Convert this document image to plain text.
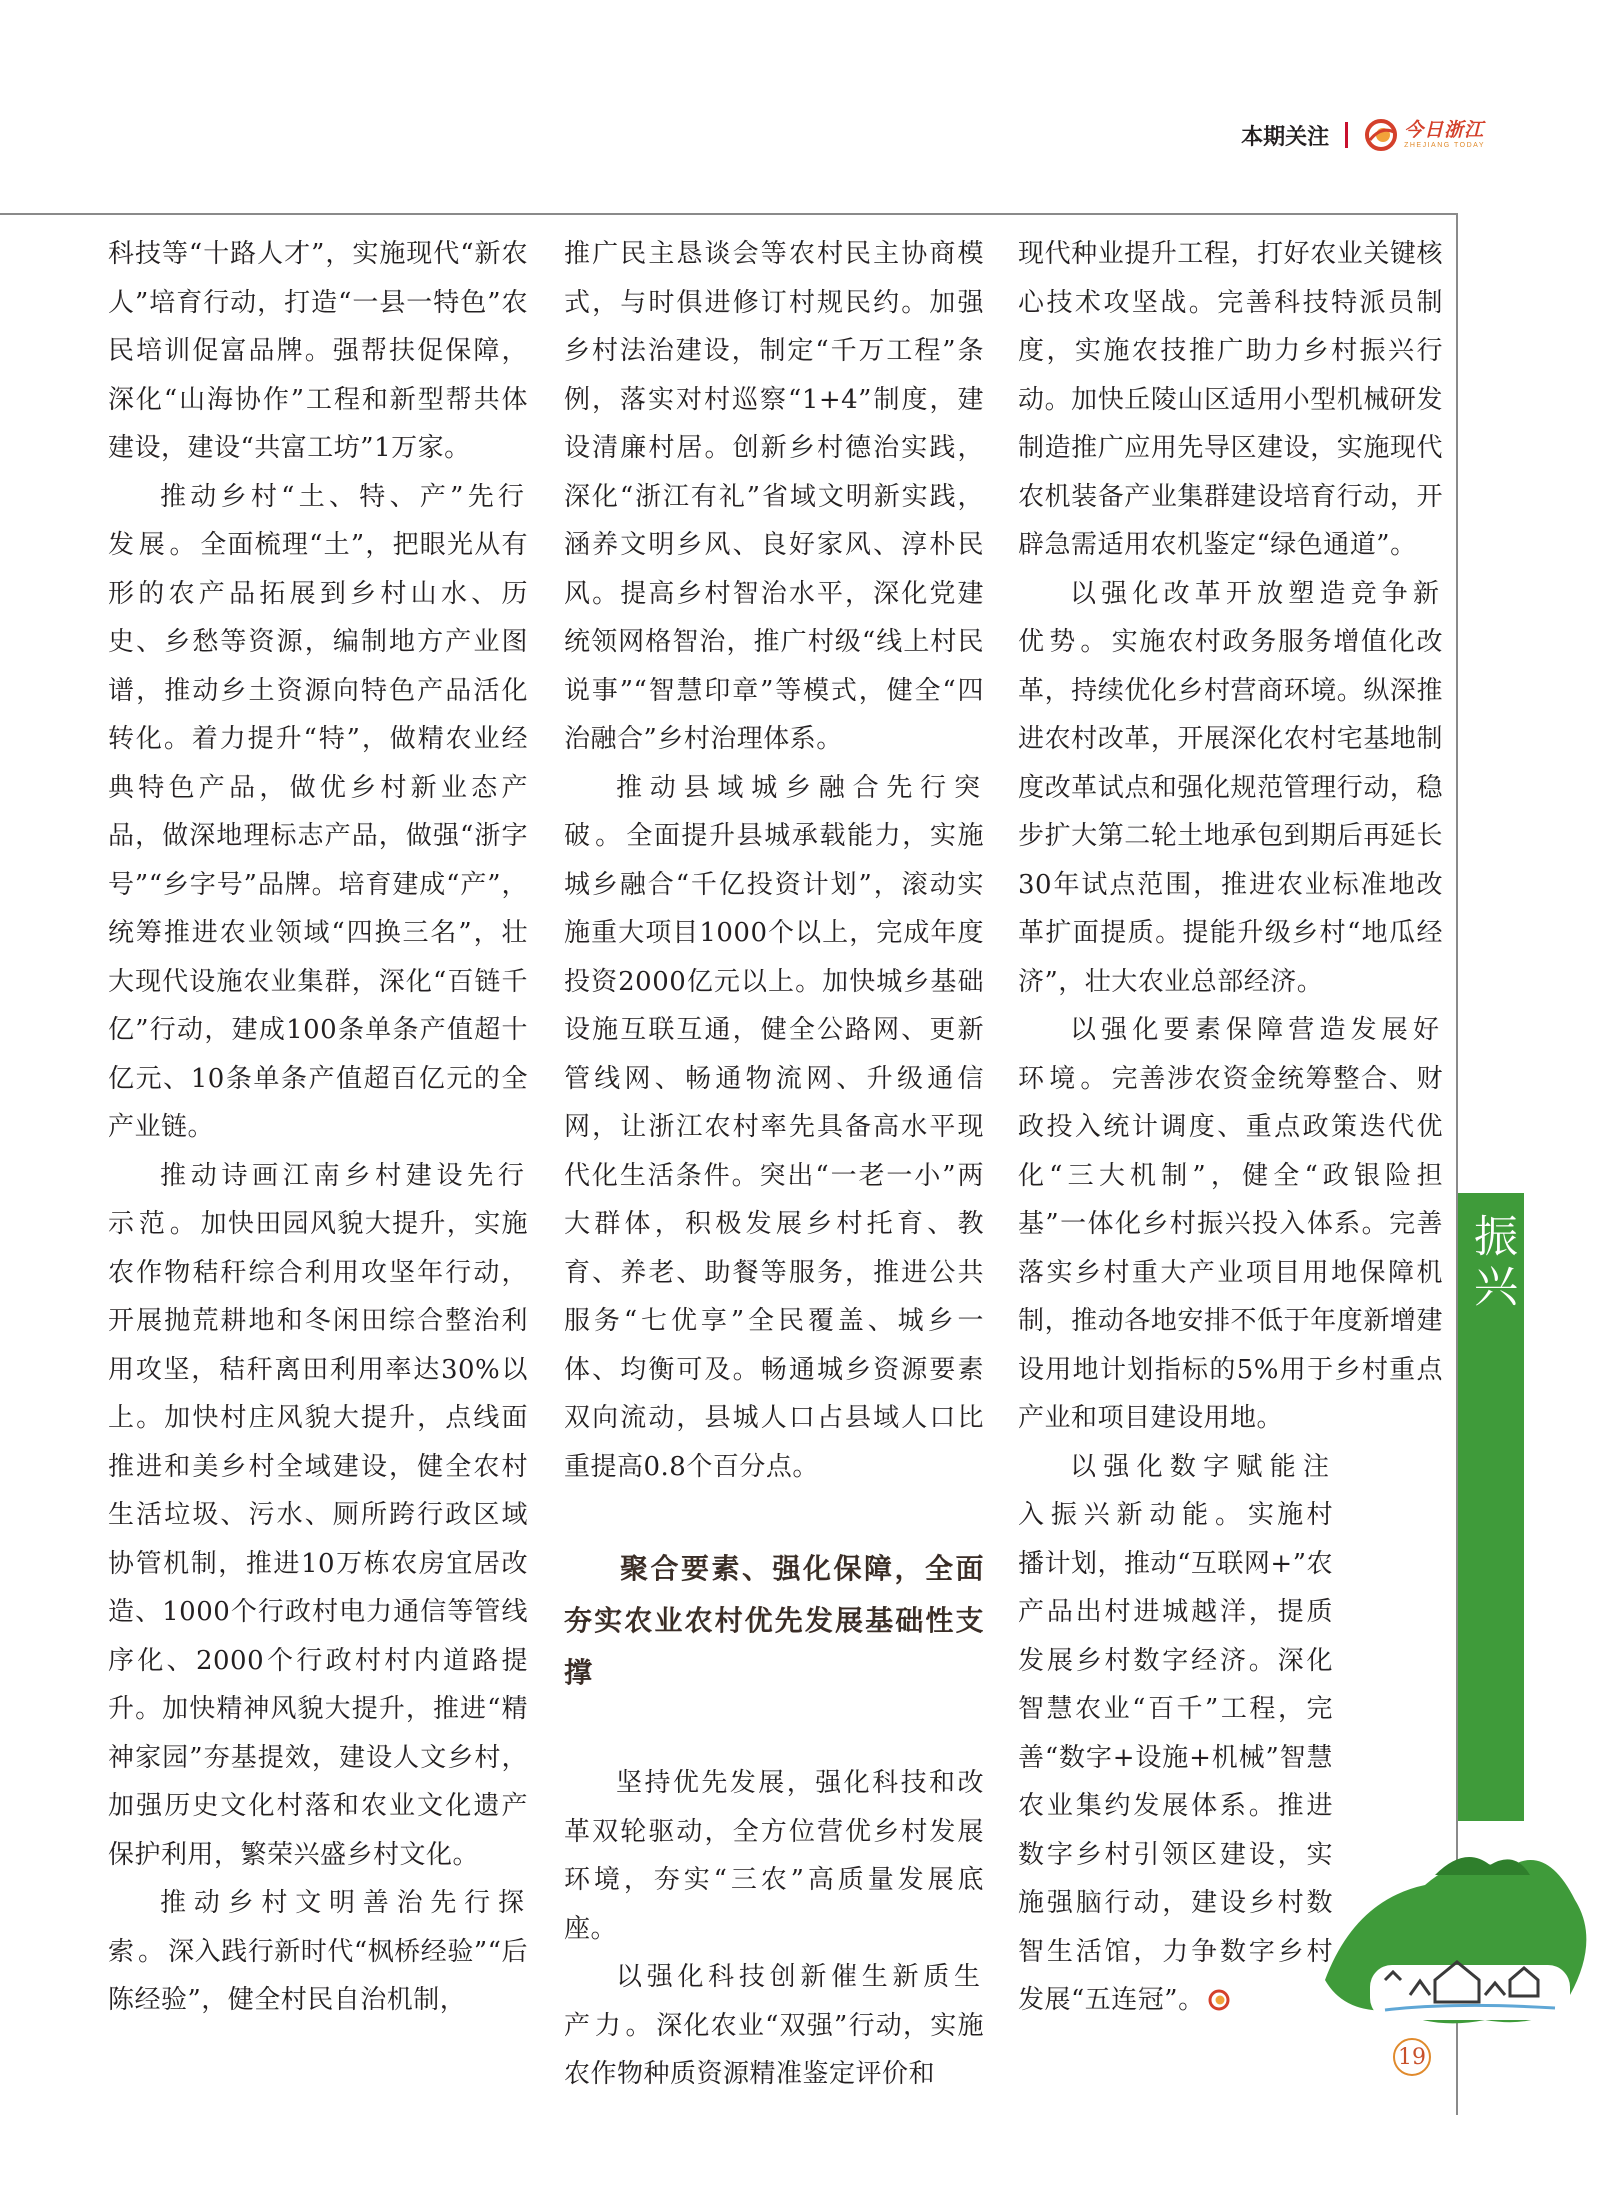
本期关注	今日浙江
ZHEJIANG TODAY

科技等“十路人才”，实施现代“新农人”培育行动，打造“一县一特色”农民培训促富品牌。强帮扶促保障，深化“山海协作”工程和新型帮共体建设，建设“共富工坊”1万家。

推动乡村“土、特、产”先行发展。全面梳理“土”，把眼光从有形的农产品拓展到乡村山水、历史、乡愁等资源，编制地方产业图谱，推动乡土资源向特色产品活化转化。着力提升“特”，做精农业经典特色产品，做优乡村新业态产品，做深地理标志产品，做强“浙字号”“乡字号”品牌。培育建成“产”，统筹推进农业领域“四换三名”，壮大现代设施农业集群，深化“百链千亿”行动，建成100条单条产值超十亿元、10条单条产值超百亿元的全产业链。

推动诗画江南乡村建设先行示范。加快田园风貌大提升，实施农作物秸秆综合利用攻坚年行动，开展抛荒耕地和冬闲田综合整治利用攻坚，秸秆离田利用率达30%以上。加快村庄风貌大提升，点线面推进和美乡村全域建设，健全农村生活垃圾、污水、厕所跨行政区域协管机制，推进10万栋农房宜居改造、1000个行政村电力通信等管线序化、2000个行政村村内道路提升。加快精神风貌大提升，推进“精神家园”夯基提效，建设人文乡村，加强历史文化村落和农业文化遗产保护利用，繁荣兴盛乡村文化。

推动乡村文明善治先行探索。深入践行新时代“枫桥经验”“后陈经验”，健全村民自治机制，

推广民主恳谈会等农村民主协商模式，与时俱进修订村规民约。加强乡村法治建设，制定“千万工程”条例，落实对村巡察“1+4”制度，建设清廉村居。创新乡村德治实践，深化“浙江有礼”省域文明新实践，涵养文明乡风、良好家风、淳朴民风。提高乡村智治水平，深化党建统领网格智治，推广村级“线上村民说事”“智慧印章”等模式，健全“四治融合”乡村治理体系。

推动县域城乡融合先行突破。全面提升县城承载能力，实施城乡融合“千亿投资计划”，滚动实施重大项目1000个以上，完成年度投资2000亿元以上。加快城乡基础设施互联互通，健全公路网、更新管线网、畅通物流网、升级通信网，让浙江农村率先具备高水平现代化生活条件。突出“一老一小”两大群体，积极发展乡村托育、教育、养老、助餐等服务，推进公共服务“七优享”全民覆盖、城乡一体、均衡可及。畅通城乡资源要素双向流动，县城人口占县域人口比重提高0.8个百分点。

聚合要素、强化保障，全面夯实农业农村优先发展基础性支撑

坚持优先发展，强化科技和改革双轮驱动，全方位营优乡村发展环境，夯实“三农”高质量发展底座。

以强化科技创新催生新质生产力。深化农业“双强”行动，实施农作物种质资源精准鉴定评价和

现代种业提升工程，打好农业关键核心技术攻坚战。完善科技特派员制度，实施农技推广助力乡村振兴行动。加快丘陵山区适用小型机械研发制造推广应用先导区建设，实施现代农机装备产业集群建设培育行动，开辟急需适用农机鉴定“绿色通道”。

以强化改革开放塑造竞争新优势。实施农村政务服务增值化改革，持续优化乡村营商环境。纵深推进农村改革，开展深化农村宅基地制度改革试点和强化规范管理行动，稳步扩大第二轮土地承包到期后再延长30年试点范围，推进农业标准地改革扩面提质。提能升级乡村“地瓜经济”，壮大农业总部经济。

以强化要素保障营造发展好环境。完善涉农资金统筹整合、财政投入统计调度、重点政策迭代优化“三大机制”，健全“政银险担基”一体化乡村振兴投入体系。完善落实乡村重大产业项目用地保障机制，推动各地安排不低于年度新增建设用地计划指标的5%用于乡村重点产业和项目建设用地。

以强化数字赋能注入振兴新动能。实施村播计划，推动“互联网+”农产品出村进城越洋，提质发展乡村数字经济。深化智慧农业“百千”工程，完善“数字+设施+机械”智慧农业集约发展体系。推进数字乡村引领区建设，实施强脑行动，建设乡村数智生活馆，力争数字乡村发展“五连冠”。

『千万工程』引领乡村全面振兴
19
